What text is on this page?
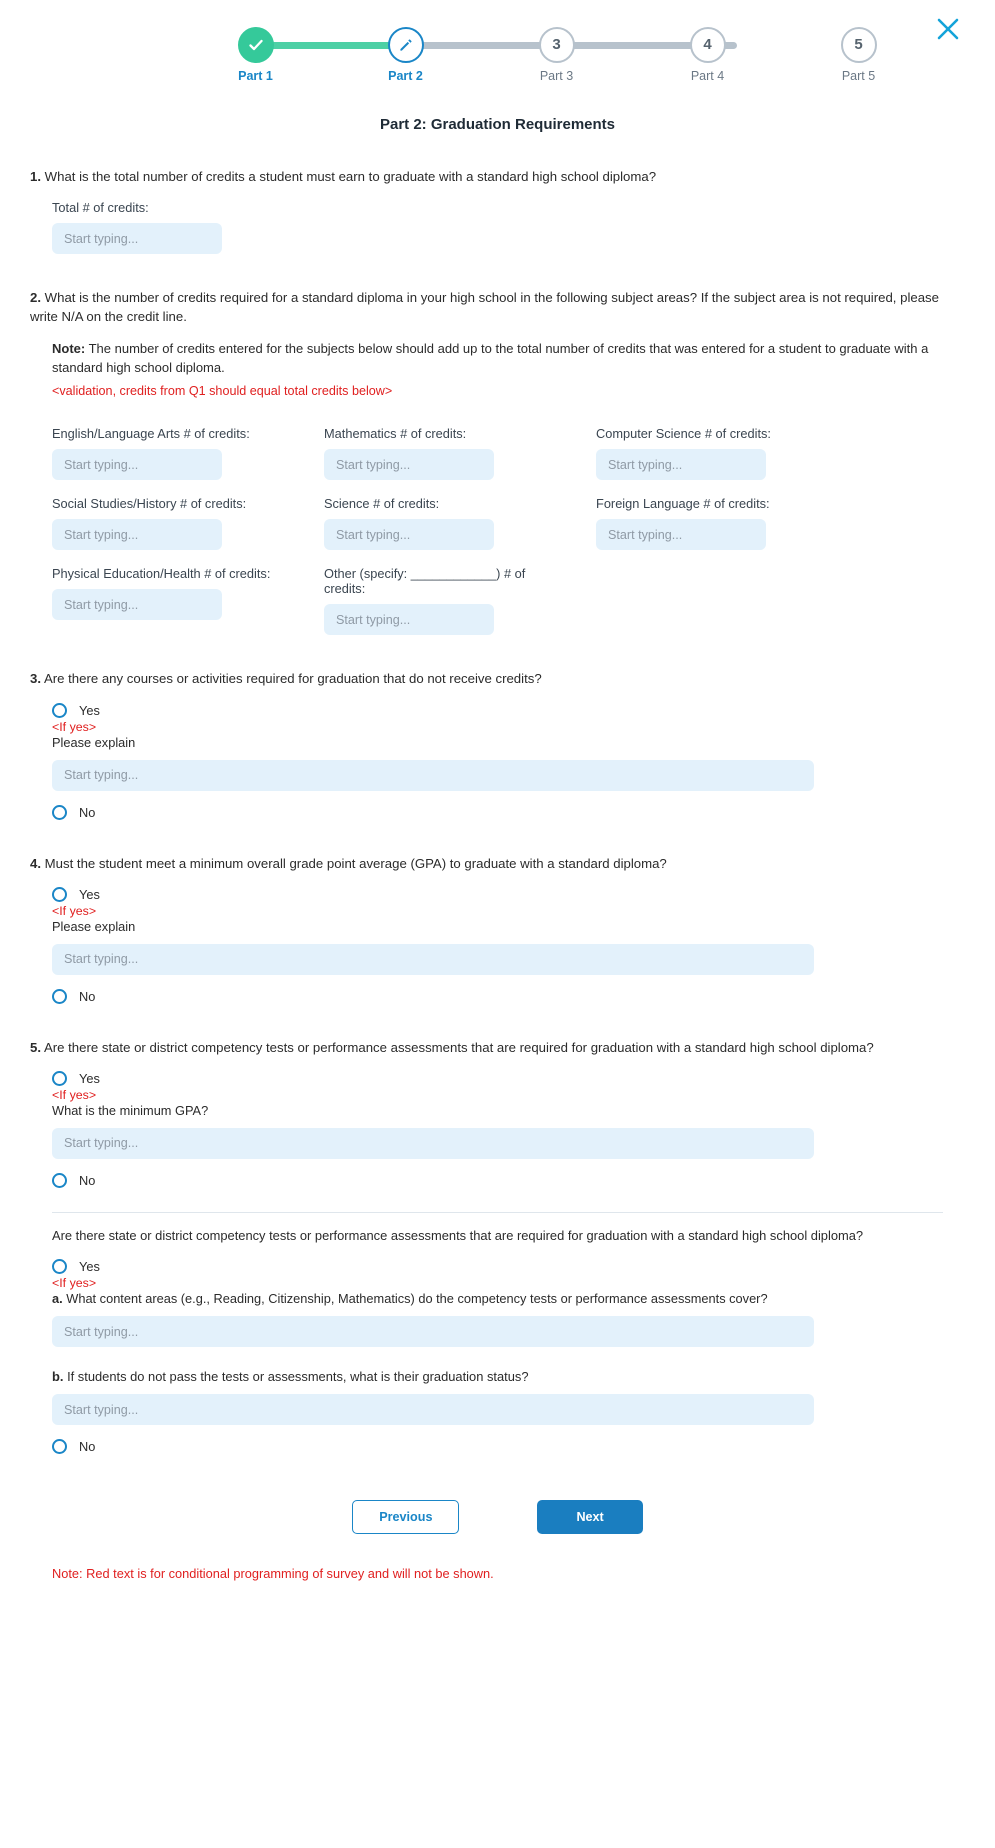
Part 1	Part 2
3
Part 3
4
Part 4
5
Part 5
Part 2: Graduation Requirements
1. What is the total number of credits a student must earn to graduate with a standard high school diploma?
Total # of credits:
Start typing...
2. What is the number of credits required for a standard diploma in your high school in the following subject areas? If the subject area is not required, please write N/A on the credit line.
Note: The number of credits entered for the subjects below should add up to the total number of credits that was entered for a student to graduate with a standard high school diploma.
<validation, credits from Q1 should equal total credits below>
English/Language Arts # of credits:
Start typing...	Mathematics # of credits:
Start typing...	Computer Science # of credits:
Start typing...
Social Studies/History # of credits:
Start typing...	Science # of credits:
Start typing...	Foreign Language # of credits:
Start typing...
Physical Education/Health # of credits:
Start typing...	Other (specify: ____________) # of credits:
Start typing...
3. Are there any courses or activities required for graduation that do not receive credits?
Yes
<If yes>
Please explain
Start typing...
No
4. Must the student meet a minimum overall grade point average (GPA) to graduate with a standard diploma?
Yes
<If yes>
Please explain
Start typing...
No
5. Are there state or district competency tests or performance assessments that are required for graduation with a standard high school diploma?
Yes
<If yes>
What is the minimum GPA?
Start typing...
No
Are there state or district competency tests or performance assessments that are required for graduation with a standard high school diploma?
Yes
<If yes>
a. What content areas (e.g., Reading, Citizenship, Mathematics) do the competency tests or performance assessments cover?
Start typing...
b. If students do not pass the tests or assessments, what is their graduation status?
Start typing...
No
Previous	Next
Note: Red text is for conditional programming of survey and will not be shown.
